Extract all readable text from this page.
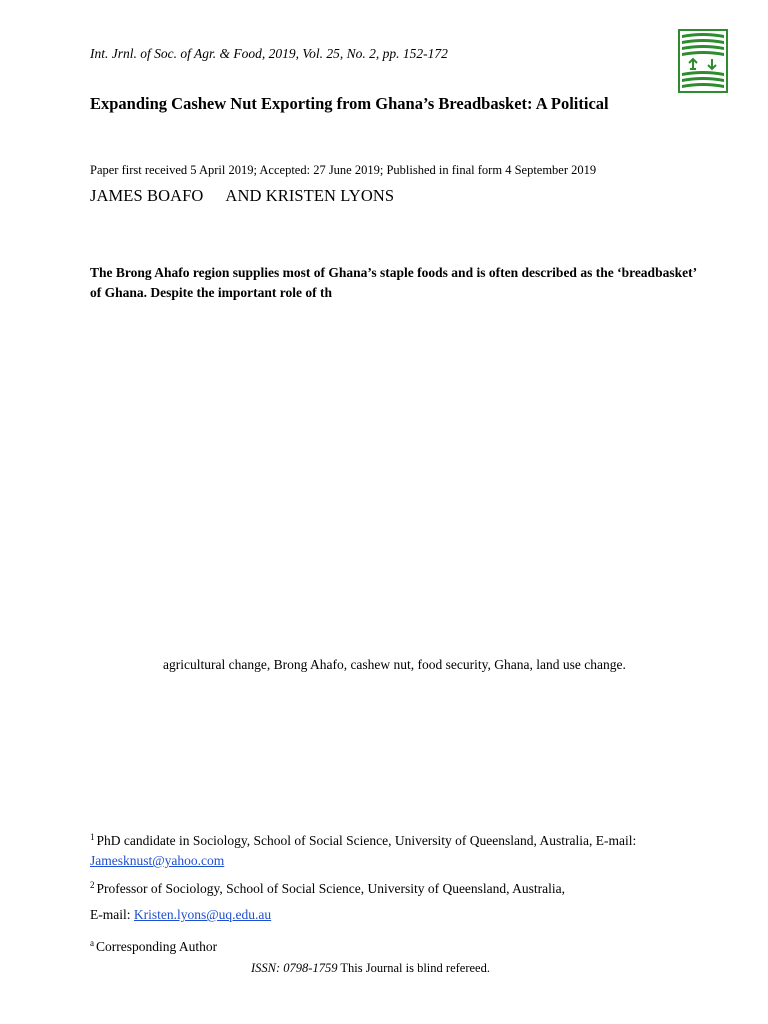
Int. Jrnl. of Soc. of Agr. & Food, 2019, Vol. 25, No. 2, pp. 152-172
Expanding Cashew Nut Exporting from Ghana’s Breadbasket: A Political
Paper first received 5 April 2019; Accepted: 27 June 2019; Published in final form 4 September 2019
JAMES BOAFO AND KRISTEN LYONS
The Brong Ahafo region supplies most of Ghana’s staple foods and is often described as the ‘breadbasket’ of Ghana. Despite the important role of th
agricultural change, Brong Ahafo, cashew nut, food security, Ghana, land use change.
$^1$ PhD candidate in Sociology, School of Social Science, University of Queensland, Australia, E-mail: Jamesknust@yahoo.com
$^2$ Professor of Sociology, School of Social Science, University of Queensland, Australia,
E-mail: Kristen.lyons@uq.edu.au
$^a$ Corresponding Author
ISSN: 0798-1759 This Journal is blind refereed.
